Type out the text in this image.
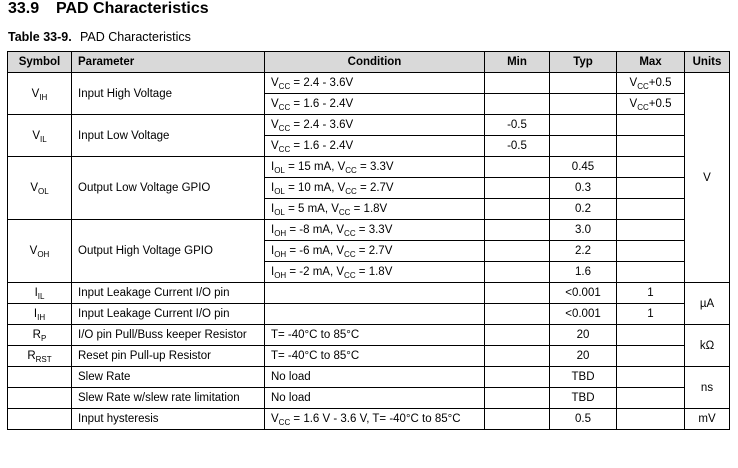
33.9 PAD Characteristics
Table 33-9. PAD Characteristics
Symbol	Parameter	Condition	Min	Typ	Max	Units
$V_{IH}$	Input High Voltage	$V_{CC} = 2.4 - 3.6V$			$V_{CC}+0.5$	V
		$V_{CC} = 1.6 - 2.4V$			$V_{CC}+0.5$	
$V_{IL}$	Input Low Voltage	$V_{CC} = 2.4 - 3.6V$	-0.5			
		$V_{CC} = 1.6 - 2.4V$	-0.5			
$V_{OL}$	Output Low Voltage GPIO	$I_{OL} = 15$ mA, $V_{CC} = 3.3V$		0.45		
		$I_{OL} = 10$ mA, $V_{CC} = 2.7V$		0.3		
		$I_{OL} = 5$ mA, $V_{CC} = 1.8V$		0.2		
$V_{OH}$	Output High Voltage GPIO	$I_{OH} = -8$ mA, $V_{CC} = 3.3V$		3.0		
		$I_{OH} = -6$ mA, $V_{CC} = 2.7V$		2.2		
		$I_{OH} = -2$ mA, $V_{CC} = 1.8V$		1.6		
$I_{IL}$	Input Leakage Current I/O pin			<0.001	1	µA
$I_{IH}$	Input Leakage Current I/O pin			<0.001	1	
$R_P$	I/O pin Pull/Buss keeper Resistor	T= -40°C to 85°C		20		kΩ
$R_{RST}$	Reset pin Pull-up Resistor	T= -40°C to 85°C		20		
	Slew Rate	No load		TBD		ns
	Slew Rate w/slew rate limitation	No load		TBD		
	Input hysteresis	$V_{CC} = 1.6$ V - 3.6 V, T= -40°C to 85°C		0.5		mV
